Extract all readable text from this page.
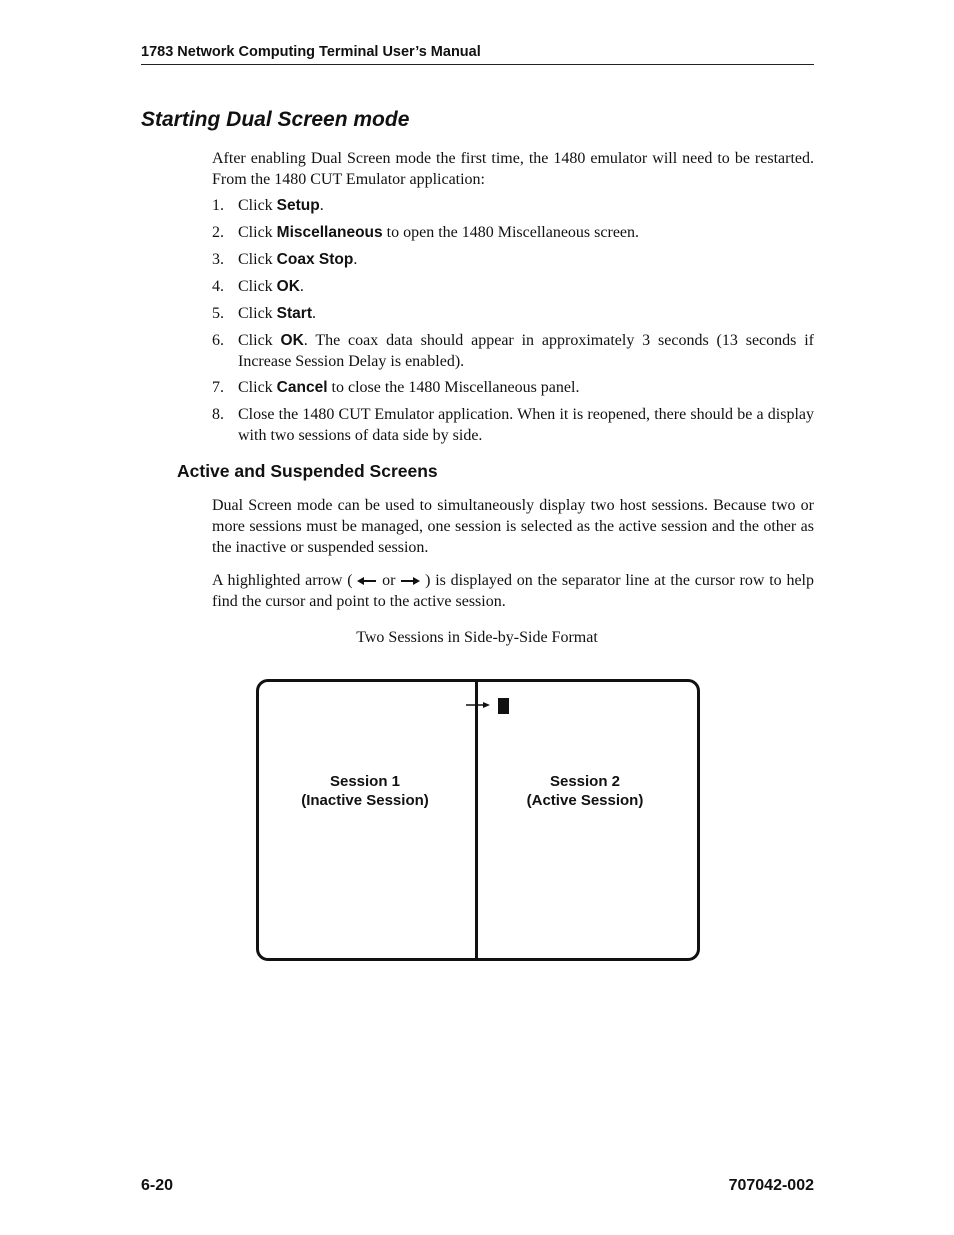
1783 Network Computing Terminal User’s Manual
Starting Dual Screen mode

After enabling Dual Screen mode the first time, the 1480 emulator will need to be restarted. From the 1480 CUT Emulator application:

1. Click Setup.
2. Click Miscellaneous to open the 1480 Miscellaneous screen.
3. Click Coax Stop.
4. Click OK.
5. Click Start.
6. Click OK. The coax data should appear in approximately 3 seconds (13 seconds if Increase Session Delay is enabled).
7. Click Cancel to close the 1480 Miscellaneous panel.
8. Close the 1480 CUT Emulator application. When it is reopened, there should be a display with two sessions of data side by side.
Active and Suspended Screens

Dual Screen mode can be used to simultaneously display two host sessions. Because two or more sessions must be managed, one session is selected as the active session and the other as the inactive or suspended session.

A highlighted arrow (  or  ) is displayed on the separator line at the cursor row to help find the cursor and point to the active session.

Two Sessions in Side-by-Side Format
Session 1
(Inactive Session)
Session 2
(Active Session)
6-20	707042-002
